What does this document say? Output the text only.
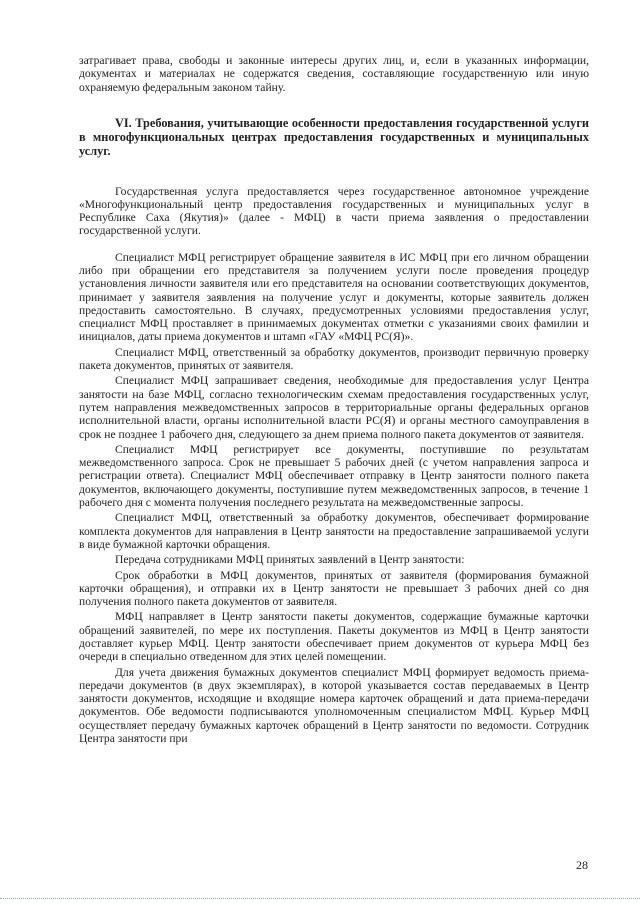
затрагивает права, свободы и законные интересы других лиц, и, если в указанных информации, документах и материалах не содержатся сведения, составляющие государственную или иную охраняемую федеральным законом тайну.

VI. Требования, учитывающие особенности предоставления государственной услуги в многофункциональных центрах предоставления государственных и муниципальных услуг.

Государственная услуга предоставляется через государственное автономное учреждение «Многофункциональный центр предоставления государственных и муниципальных услуг в Республике Саха (Якутия)» (далее - МФЦ) в части приема заявления о предоставлении государственной услуги.

Специалист МФЦ регистрирует обращение заявителя в ИС МФЦ при его личном обращении либо при обращении его представителя за получением услуги после проведения процедур установления личности заявителя или его представителя на основании соответствующих документов, принимает у заявителя заявления на получение услуг и документы, которые заявитель должен предоставить самостоятельно. В случаях, предусмотренных условиями предоставления услуг, специалист МФЦ проставляет в принимаемых документах отметки с указаниями своих фамилии и инициалов, даты приема документов и штамп «ГАУ «МФЦ РС(Я)».

Специалист МФЦ, ответственный за обработку документов, производит первичную проверку пакета документов, принятых от заявителя.

Специалист МФЦ запрашивает сведения, необходимые для предоставления услуг Центра занятости на базе МФЦ, согласно технологическим схемам предоставления государственных услуг, путем направления межведомственных запросов в территориальные органы федеральных органов исполнительной власти, органы исполнительной власти РС(Я) и органы местного самоуправления в срок не позднее 1 рабочего дня, следующего за днем приема полного пакета документов от заявителя.

Специалист МФЦ регистрирует все документы, поступившие по результатам межведомственного запроса. Срок не превышает 5 рабочих дней (с учетом направления запроса и регистрации ответа). Специалист МФЦ обеспечивает отправку в Центр занятости полного пакета документов, включающего документы, поступившие путем межведомственных запросов, в течение 1 рабочего дня с момента получения последнего результата на межведомственные запросы.

Специалист МФЦ, ответственный за обработку документов, обеспечивает формирование комплекта документов для направления в Центр занятости на предоставление запрашиваемой услуги в виде бумажной карточки обращения.

Передача сотрудниками МФЦ принятых заявлений в Центр занятости:

Срок обработки в МФЦ документов, принятых от заявителя (формирования бумажной карточки обращения), и отправки их в Центр занятости не превышает 3 рабочих дней со дня получения полного пакета документов от заявителя.

МФЦ направляет в Центр занятости пакеты документов, содержащие бумажные карточки обращений заявителей, по мере их поступления. Пакеты документов из МФЦ в Центр занятости доставляет курьер МФЦ. Центр занятости обеспечивает прием документов от курьера МФЦ без очереди в специально отведенном для этих целей помещении.

Для учета движения бумажных документов специалист МФЦ формирует ведомость приема-передачи документов (в двух экземплярах), в которой указывается состав передаваемых в Центр занятости документов, исходящие и входящие номера карточек обращений и дата приема-передачи документов. Обе ведомости подписываются уполномоченным специалистом МФЦ. Курьер МФЦ осуществляет передачу бумажных карточек обращений в Центр занятости по ведомости. Сотрудник Центра занятости при

28
